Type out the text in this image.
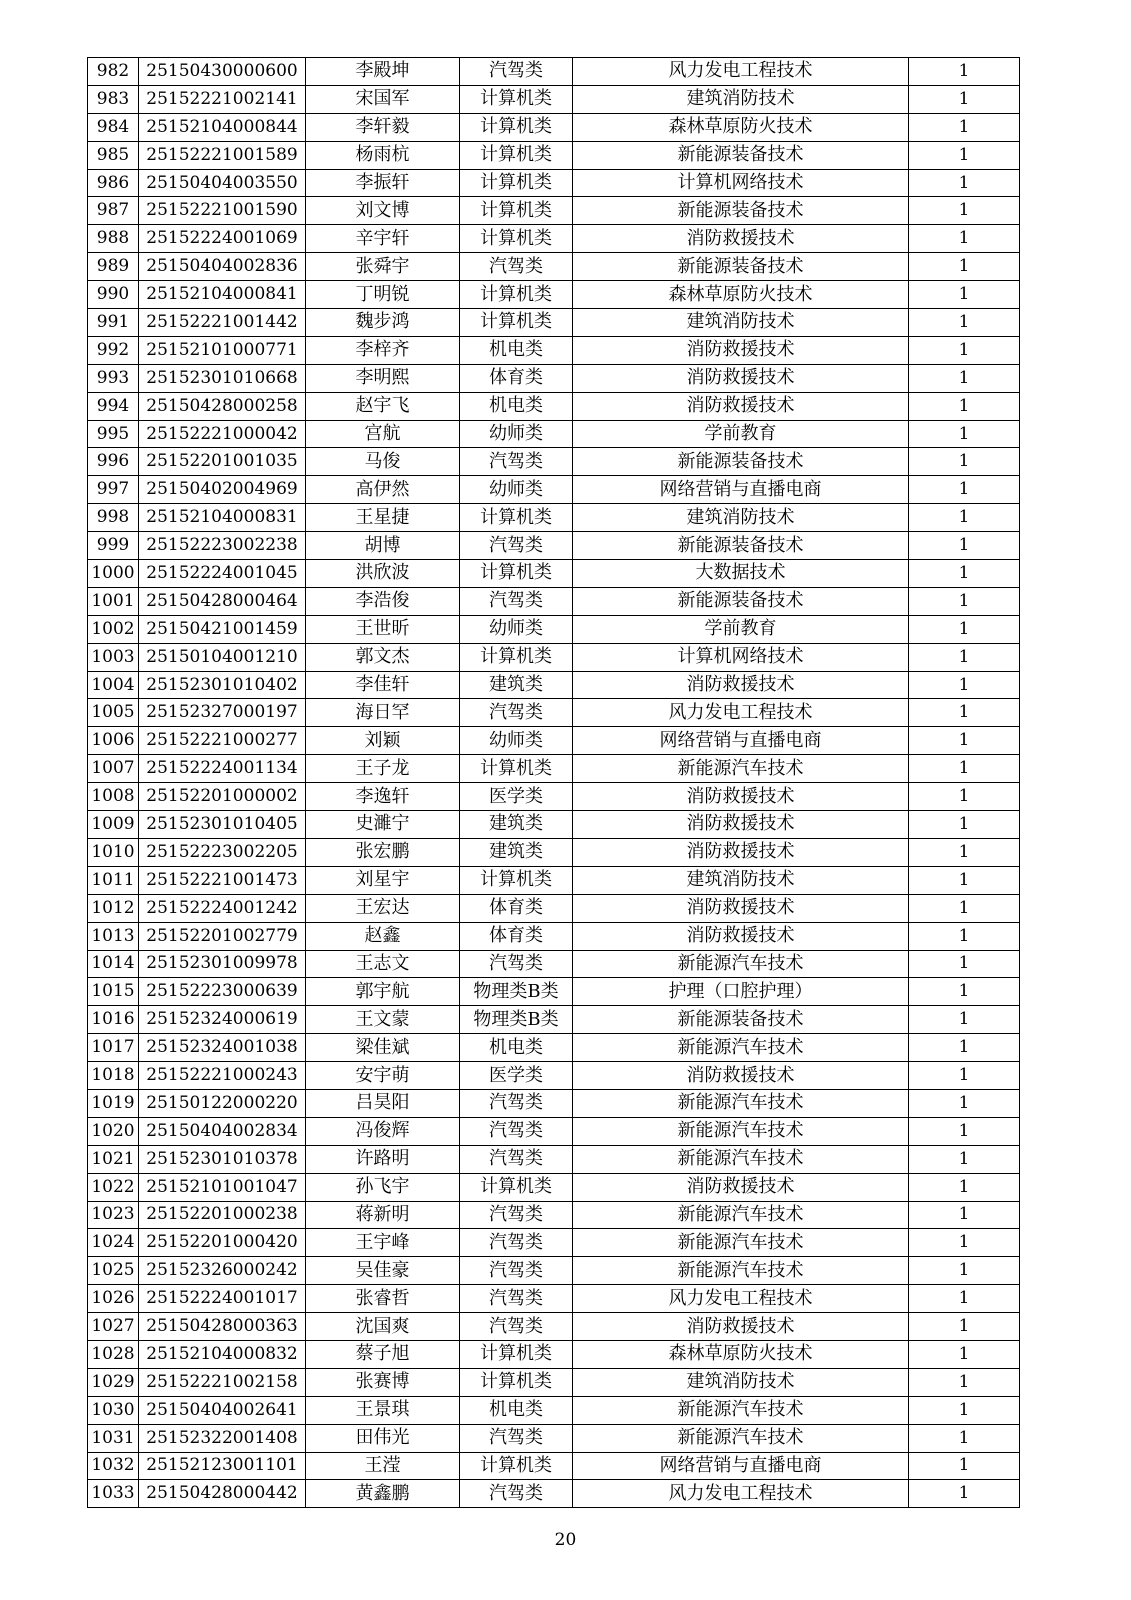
982	25150430000600	李殿坤	汽驾类	风力发电工程技术	1
983	25152221002141	宋国军	计算机类	建筑消防技术	1
984	25152104000844	李轩毅	计算机类	森林草原防火技术	1
985	25152221001589	杨雨杭	计算机类	新能源装备技术	1
986	25150404003550	李振轩	计算机类	计算机网络技术	1
987	25152221001590	刘文博	计算机类	新能源装备技术	1
988	25152224001069	辛宇轩	计算机类	消防救援技术	1
989	25150404002836	张舜宇	汽驾类	新能源装备技术	1
990	25152104000841	丁明锐	计算机类	森林草原防火技术	1
991	25152221001442	魏步鸿	计算机类	建筑消防技术	1
992	25152101000771	李梓齐	机电类	消防救援技术	1
993	25152301010668	李明熙	体育类	消防救援技术	1
994	25150428000258	赵宇飞	机电类	消防救援技术	1
995	25152221000042	宫航	幼师类	学前教育	1
996	25152201001035	马俊	汽驾类	新能源装备技术	1
997	25150402004969	高伊然	幼师类	网络营销与直播电商	1
998	25152104000831	王星捷	计算机类	建筑消防技术	1
999	25152223002238	胡博	汽驾类	新能源装备技术	1
1000	25152224001045	洪欣波	计算机类	大数据技术	1
1001	25150428000464	李浩俊	汽驾类	新能源装备技术	1
1002	25150421001459	王世昕	幼师类	学前教育	1
1003	25150104001210	郭文杰	计算机类	计算机网络技术	1
1004	25152301010402	李佳轩	建筑类	消防救援技术	1
1005	25152327000197	海日罕	汽驾类	风力发电工程技术	1
1006	25152221000277	刘颖	幼师类	网络营销与直播电商	1
1007	25152224001134	王子龙	计算机类	新能源汽车技术	1
1008	25152201000002	李逸轩	医学类	消防救援技术	1
1009	25152301010405	史濉宁	建筑类	消防救援技术	1
1010	25152223002205	张宏鹏	建筑类	消防救援技术	1
1011	25152221001473	刘星宇	计算机类	建筑消防技术	1
1012	25152224001242	王宏达	体育类	消防救援技术	1
1013	25152201002779	赵鑫	体育类	消防救援技术	1
1014	25152301009978	王志文	汽驾类	新能源汽车技术	1
1015	25152223000639	郭宇航	物理类B类	护理（口腔护理）	1
1016	25152324000619	王文蒙	物理类B类	新能源装备技术	1
1017	25152324001038	梁佳斌	机电类	新能源汽车技术	1
1018	25152221000243	安宇萌	医学类	消防救援技术	1
1019	25150122000220	吕昊阳	汽驾类	新能源汽车技术	1
1020	25150404002834	冯俊辉	汽驾类	新能源汽车技术	1
1021	25152301010378	许路明	汽驾类	新能源汽车技术	1
1022	25152101001047	孙飞宇	计算机类	消防救援技术	1
1023	25152201000238	蒋新明	汽驾类	新能源汽车技术	1
1024	25152201000420	王宇峰	汽驾类	新能源汽车技术	1
1025	25152326000242	吴佳豪	汽驾类	新能源汽车技术	1
1026	25152224001017	张睿哲	汽驾类	风力发电工程技术	1
1027	25150428000363	沈国爽	汽驾类	消防救援技术	1
1028	25152104000832	蔡子旭	计算机类	森林草原防火技术	1
1029	25152221002158	张赛博	计算机类	建筑消防技术	1
1030	25150404002641	王景琪	机电类	新能源汽车技术	1
1031	25152322001408	田伟光	汽驾类	新能源汽车技术	1
1032	25152123001101	王滢	计算机类	网络营销与直播电商	1
1033	25150428000442	黄鑫鹏	汽驾类	风力发电工程技术	1
20
